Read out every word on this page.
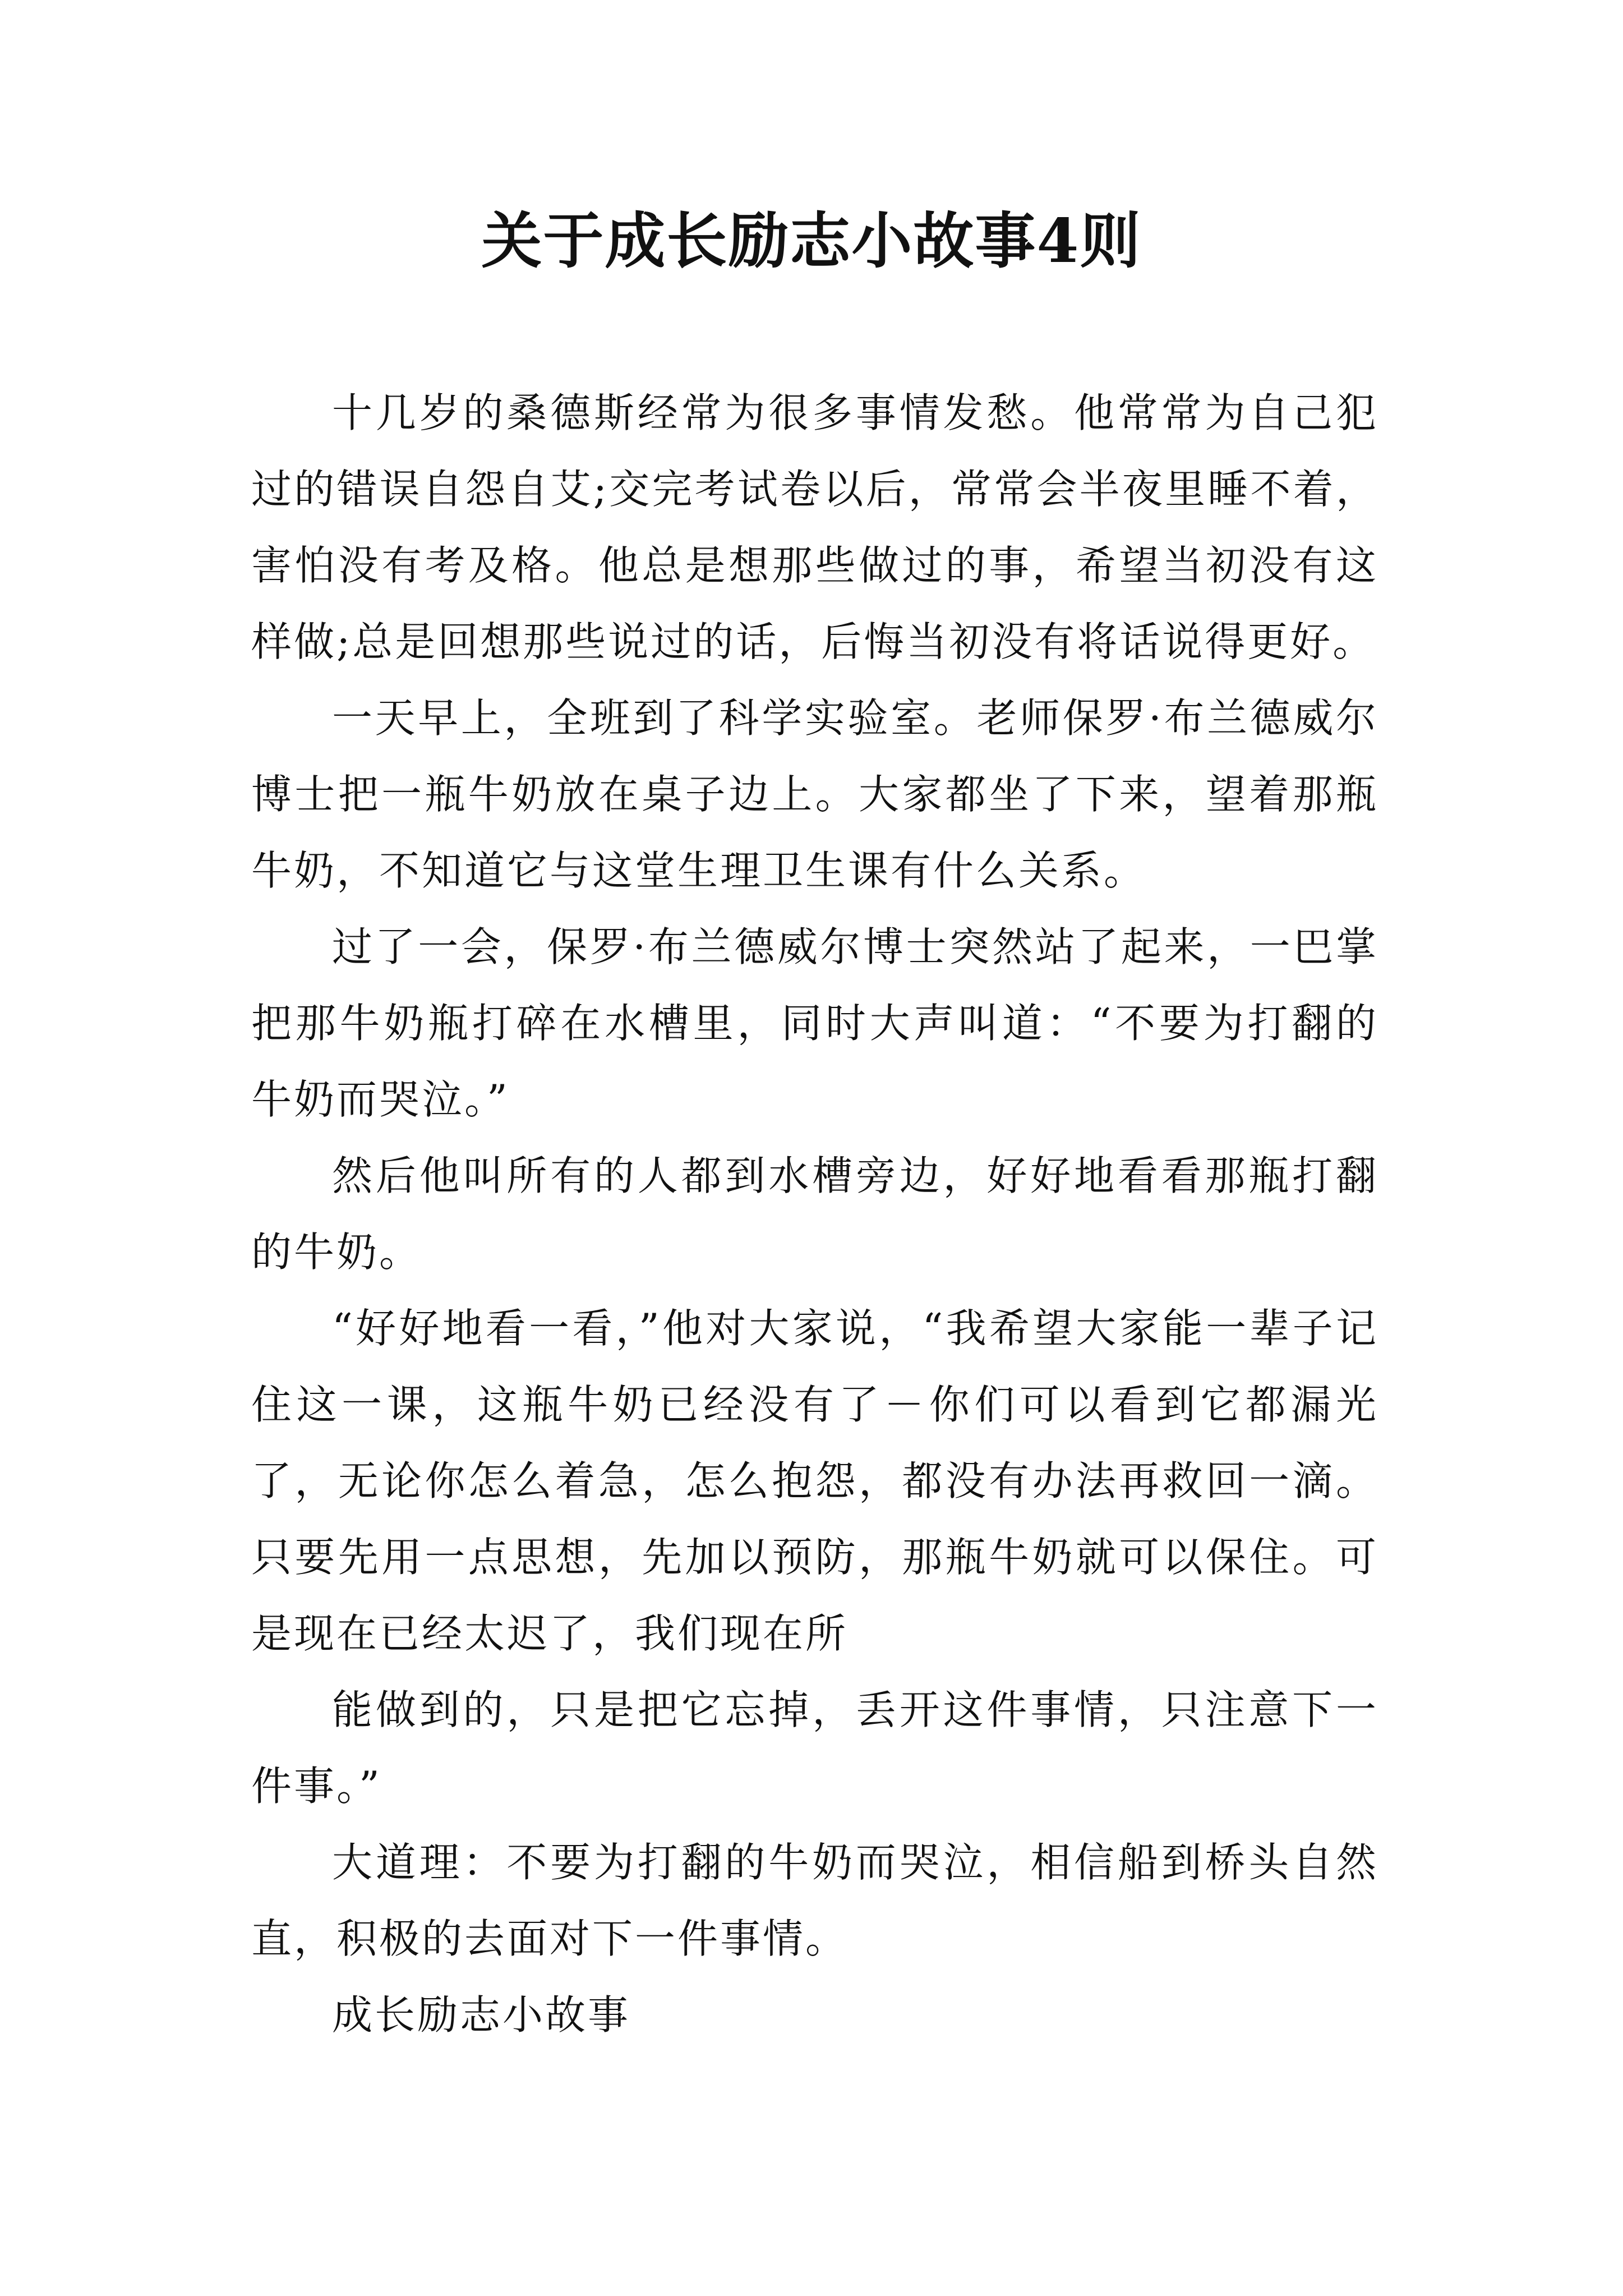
关于成长励志小故事4则

十几岁的桑德斯经常为很多事情发愁。他常常为自己犯过的错误自怨自艾;交完考试卷以后，常常会半夜里睡不着，害怕没有考及格。他总是想那些做过的事，希望当初没有这样做;总是回想那些说过的话，后悔当初没有将话说得更好。

一天早上，全班到了科学实验室。老师保罗·布兰德威尔博士把一瓶牛奶放在桌子边上。大家都坐了下来，望着那瓶牛奶，不知道它与这堂生理卫生课有什么关系。

过了一会，保罗·布兰德威尔博士突然站了起来，一巴掌把那牛奶瓶打碎在水槽里，同时大声叫道：“不要为打翻的牛奶而哭泣。”

然后他叫所有的人都到水槽旁边，好好地看看那瓶打翻的牛奶。

“好好地看一看，”他对大家说，“我希望大家能一辈子记住这一课，这瓶牛奶已经没有了－你们可以看到它都漏光了，无论你怎么着急，怎么抱怨，都没有办法再救回一滴。只要先用一点思想，先加以预防，那瓶牛奶就可以保住。可是现在已经太迟了，我们现在所

能做到的，只是把它忘掉，丢开这件事情，只注意下一件事。”

大道理：不要为打翻的牛奶而哭泣，相信船到桥头自然直，积极的去面对下一件事情。

成长励志小故事
